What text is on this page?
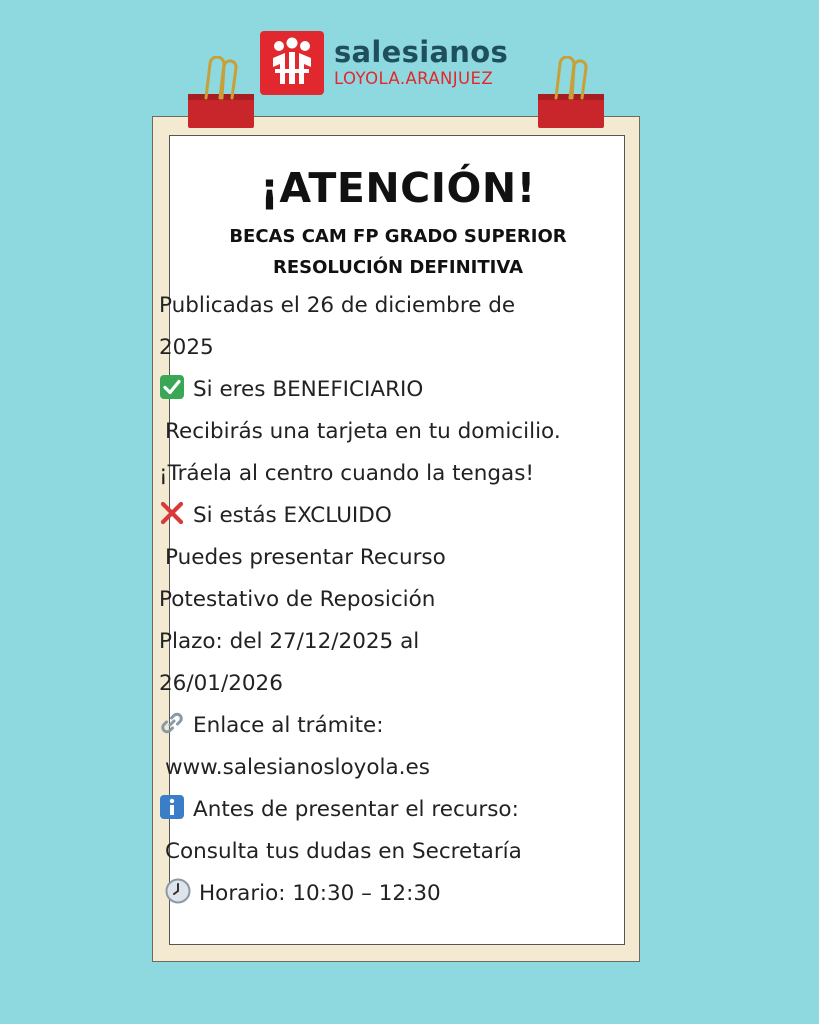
salesianos
LOYOLA.ARANJUEZ
¡ATENCIÓN!
BECAS CAM FP GRADO SUPERIOR
RESOLUCIÓN DEFINITIVA
Publicadas el 26 de diciembre de
2025
Si eres BENEFICIARIO
Recibirás una tarjeta en tu domicilio.
¡Tráela al centro cuando la tengas!
Si estás EXCLUIDO
Puedes presentar Recurso
Potestativo de Reposición
Plazo: del 27/12/2025 al
26/01/2026
Enlace al trámite:
www.salesianosloyola.es
Antes de presentar el recurso:
Consulta tus dudas en Secretaría
Horario: 10:30 – 12:30
